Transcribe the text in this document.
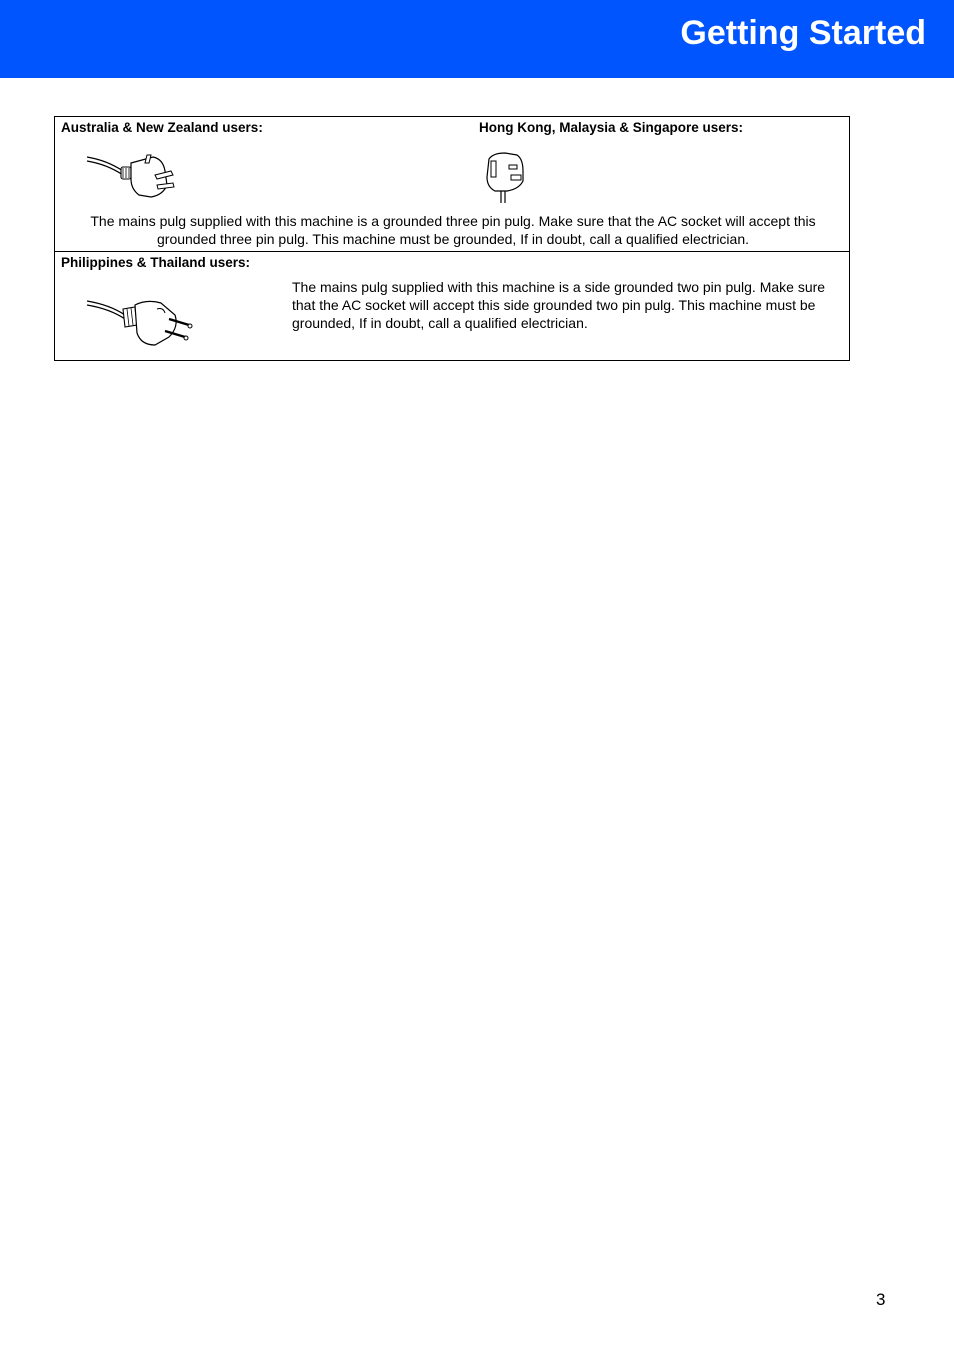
Getting Started
Australia & New Zealand users:	Hong Kong, Malaysia & Singapore users:
The mains pulg supplied with this machine is a grounded three pin pulg. Make sure that the AC socket will accept this grounded three pin pulg. This machine must be grounded, If in doubt, call a qualified electrician.
Philippines & Thailand users:
The mains pulg supplied with this machine is a side grounded two pin pulg. Make sure that the AC socket will accept this side grounded two pin pulg. This machine must be grounded, If in doubt, call a qualified electrician.
3
